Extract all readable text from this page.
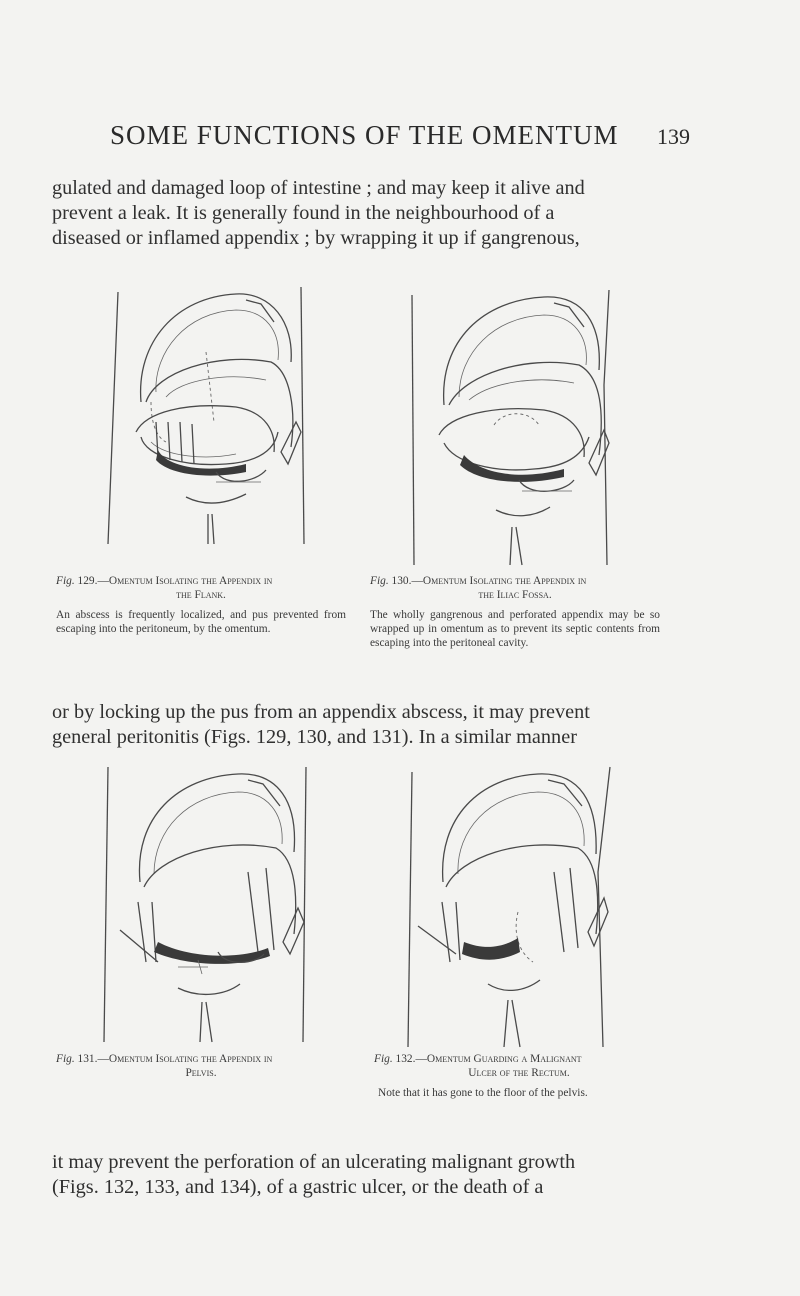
SOME FUNCTIONS OF THE OMENTUM 139
gulated and damaged loop of intestine ; and may keep it alive and
prevent a leak. It is generally found in the neighbourhood of a
diseased or inflamed appendix ; by wrapping it up if gangrenous,
Fig. 129.—Omentum Isolating the Appendix in
the Flank.
An abscess is frequently localized, and pus prevented from escaping into the peritoneum, by the omentum.
Fig. 130.—Omentum Isolating the Appendix in
the Iliac Fossa.
The wholly gangrenous and perforated appendix may be so wrapped up in omentum as to prevent its septic contents from escaping into the peritoneal cavity.
or by locking up the pus from an appendix abscess, it may prevent
general peritonitis (Figs. 129, 130, and 131). In a similar manner
Fig. 131.—Omentum Isolating the Appendix in
Pelvis.
Fig. 132.—Omentum Guarding a Malignant
Ulcer of the Rectum.
Note that it has gone to the floor of the pelvis.
it may prevent the perforation of an ulcerating malignant growth
(Figs. 132, 133, and 134), of a gastric ulcer, or the death of a
